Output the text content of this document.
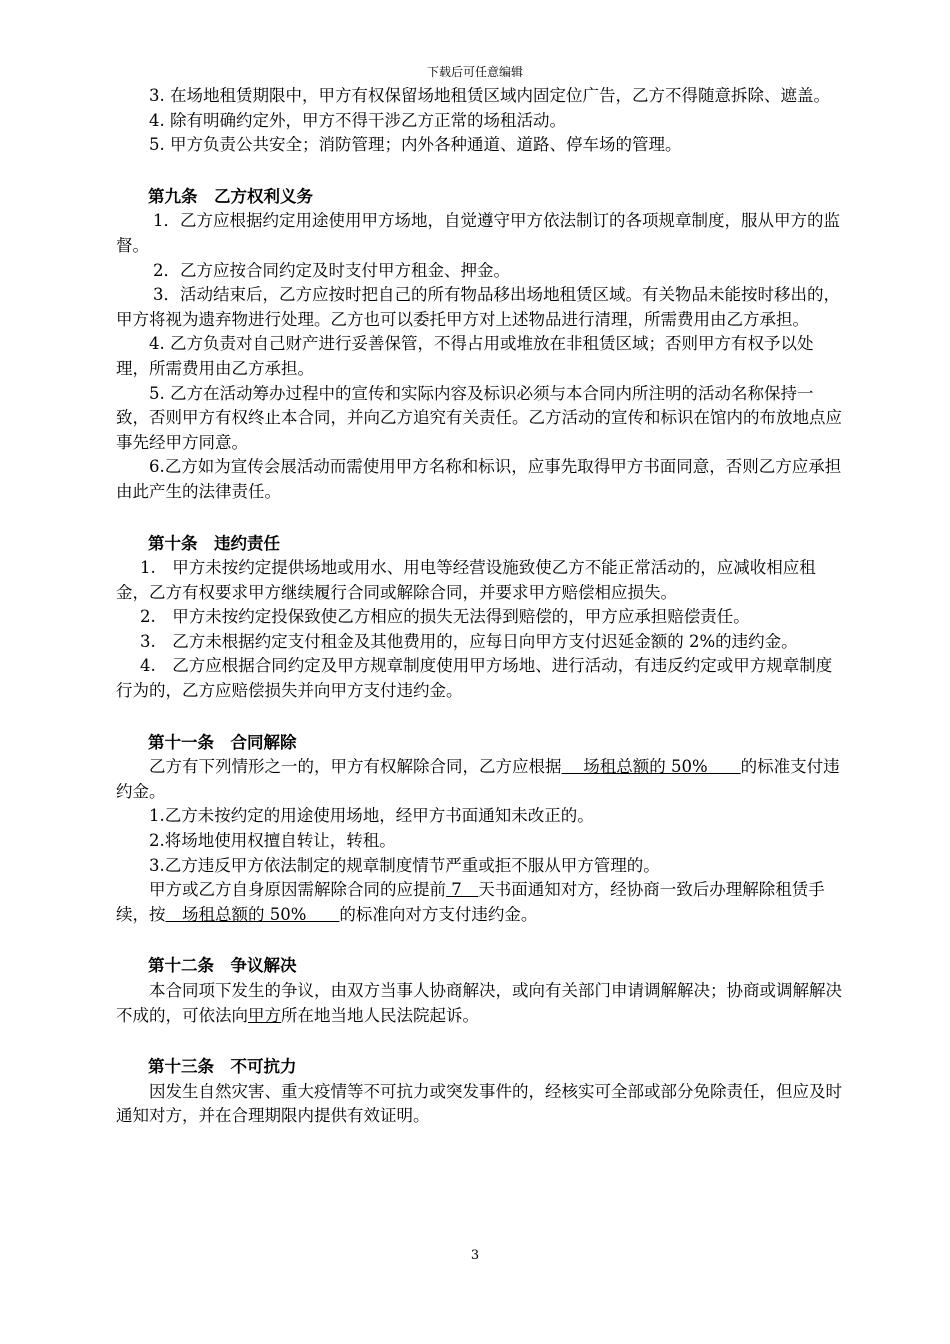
下载后可任意编辑

3. 在场地租赁期限中，甲方有权保留场地租赁区域内固定位广告，乙方不得随意拆除、遮盖。

4. 除有明确约定外，甲方不得干涉乙方正常的场租活动。

5. 甲方负责公共安全；消防管理；内外各种通道、道路、停车场的管理。

第九条　乙方权利义务

1．乙方应根据约定用途使用甲方场地，自觉遵守甲方依法制订的各项规章制度，服从甲方的监督。

2．乙方应按合同约定及时支付甲方租金、押金。

3．活动结束后，乙方应按时把自己的所有物品移出场地租赁区域。有关物品未能按时移出的，甲方将视为遗弃物进行处理。乙方也可以委托甲方对上述物品进行清理，所需费用由乙方承担。

4. 乙方负责对自己财产进行妥善保管，不得占用或堆放在非租赁区域；否则甲方有权予以处理，所需费用由乙方承担。

5. 乙方在活动筹办过程中的宣传和实际内容及标识必须与本合同内所注明的活动名称保持一致，否则甲方有权终止本合同，并向乙方追究有关责任。乙方活动的宣传和标识在馆内的布放地点应事先经甲方同意。

6.乙方如为宣传会展活动而需使用甲方名称和标识，应事先取得甲方书面同意，否则乙方应承担由此产生的法律责任。

第十条　违约责任

1.　甲方未按约定提供场地或用水、用电等经营设施致使乙方不能正常活动的，应减收相应租金，乙方有权要求甲方继续履行合同或解除合同，并要求甲方赔偿相应损失。

2.　甲方未按约定投保致使乙方相应的损失无法得到赔偿的，甲方应承担赔偿责任。

3.　乙方未根据约定支付租金及其他费用的，应每日向甲方支付迟延金额的 2%的违约金。

4.　乙方应根据合同约定及甲方规章制度使用甲方场地、进行活动，有违反约定或甲方规章制度行为的，乙方应赔偿损失并向甲方支付违约金。

第十一条　合同解除

乙方有下列情形之一的，甲方有权解除合同，乙方应根据　 场租总额的 50%　　的标准支付违约金。

1.乙方未按约定的用途使用场地，经甲方书面通知未改正的。

2.将场地使用权擅自转让，转租。

3.乙方违反甲方依法制定的规章制度情节严重或拒不服从甲方管理的。

甲方或乙方自身原因需解除合同的应提前 7　天书面通知对方，经协商一致后办理解除租赁手续，按　场租总额的 50%　　的标准向对方支付违约金。

第十二条　争议解决

本合同项下发生的争议，由双方当事人协商解决，或向有关部门申请调解解决；协商或调解解决不成的，可依法向甲方所在地当地人民法院起诉。

第十三条　不可抗力

因发生自然灾害、重大疫情等不可抗力或突发事件的，经核实可全部或部分免除责任，但应及时通知对方，并在合理期限内提供有效证明。

3
